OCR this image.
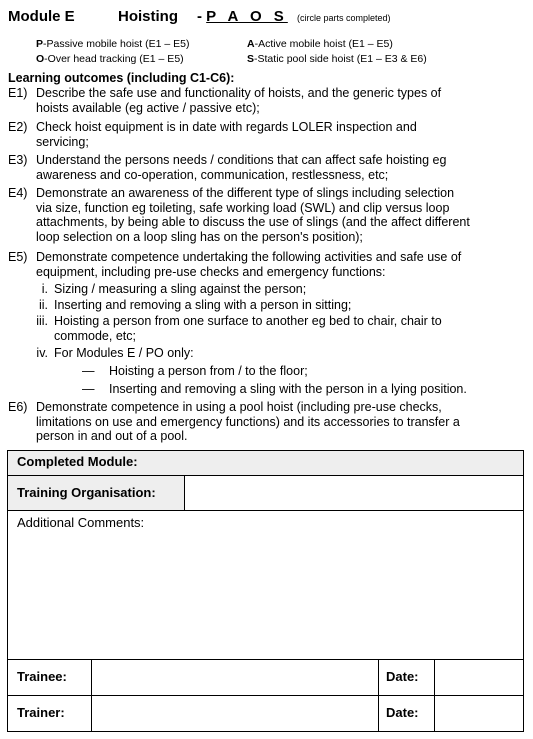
Module E	Hoisting - P A O S (circle parts completed)
P-Passive mobile hoist (E1 – E5)	A-Active mobile hoist (E1 – E5)
O-Over head tracking (E1 – E5)	S-Static pool side hoist (E1 – E3 & E6)
Learning outcomes (including C1-C6):
E1) Describe the safe use and functionality of hoists, and the generic types of
hoists available (eg active / passive etc);
E2) Check hoist equipment is in date with regards LOLER inspection and
servicing;
E3) Understand the persons needs / conditions that can affect safe hoisting eg
awareness and co-operation, communication, restlessness, etc;
E4) Demonstrate an awareness of the different type of slings including selection
via size, function eg toileting, safe working load (SWL) and clip versus loop
attachments, by being able to discuss the use of slings (and the affect different
loop selection on a loop sling has on the person's position);
E5) Demonstrate competence undertaking the following activities and safe use of
equipment, including pre-use checks and emergency functions:
i. Sizing / measuring a sling against the person;
ii. Inserting and removing a sling with a person in sitting;
iii. Hoisting a person from one surface to another eg bed to chair, chair to
commode, etc;
iv. For Modules E / PO only:
— Hoisting a person from / to the floor;
— Inserting and removing a sling with the person in a lying position.
E6) Demonstrate competence in using a pool hoist (including pre-use checks,
limitations on use and emergency functions) and its accessories to transfer a
person in and out of a pool.
Completed Module:
Training Organisation:
Additional Comments:
Trainee:	Date:
Trainer:	Date:
